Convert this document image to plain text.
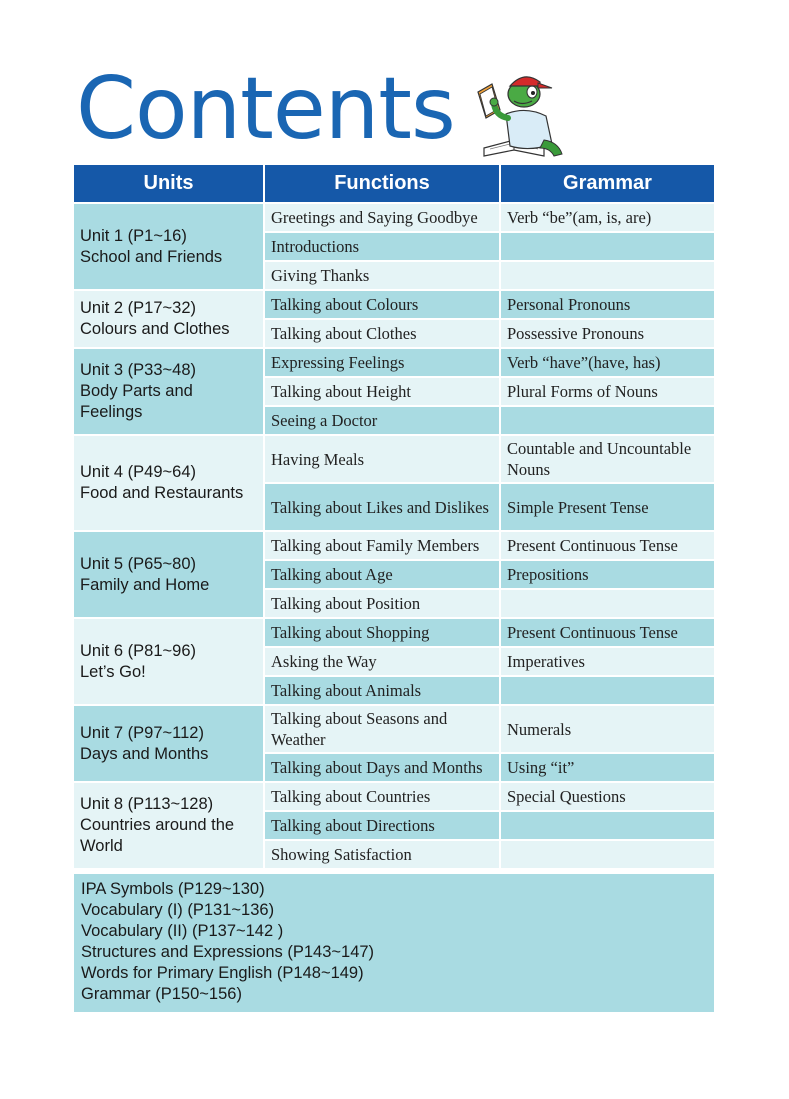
Contents
Units	Functions	Grammar

Unit 1 (P1~16)
School and Friends	Greetings and Saying Goodbye	Verb “be”(am, is, are)
	Introductions	
	Giving Thanks	

Unit 2 (P17~32)
Colours and Clothes	Talking about Colours	Personal Pronouns
	Talking about Clothes	Possessive Pronouns

Unit 3 (P33~48)
Body Parts and
Feelings	Expressing Feelings	Verb “have”(have, has)
	Talking about Height	Plural Forms of Nouns
	Seeing a Doctor	

Unit 4 (P49~64)
Food and Restaurants	Having Meals	Countable and Uncountable Nouns
	Talking about Likes and Dislikes	Simple Present Tense

Unit 5 (P65~80)
Family and Home	Talking about Family Members	Present Continuous Tense
	Talking about Age	Prepositions
	Talking about Position	

Unit 6 (P81~96)
Let’s Go!	Talking about Shopping	Present Continuous Tense
	Asking the Way	Imperatives
	Talking about Animals	

Unit 7 (P97~112)
Days and Months	Talking about Seasons and Weather	Numerals
	Talking about Days and Months	Using “it”

Unit 8 (P113~128)
Countries around the
World	Talking about Countries	Special Questions
	Talking about Directions	
	Showing Satisfaction	
IPA Symbols (P129~130)
Vocabulary (I) (P131~136)
Vocabulary (II) (P137~142 )
Structures and Expressions (P143~147)
Words for Primary English (P148~149)
Grammar (P150~156)
